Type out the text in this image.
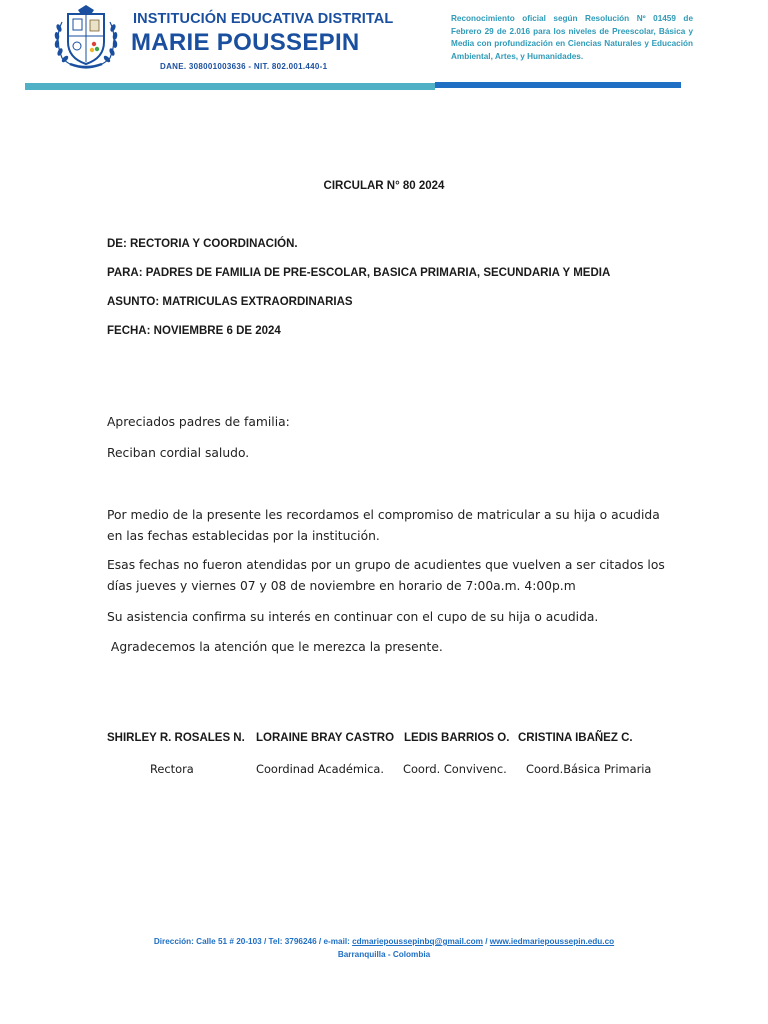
INSTITUCIÓN EDUCATIVA DISTRITAL
MARIE POUSSEPIN
DANE. 308001003636 - NIT. 802.001.440-1
Reconocimiento oficial según Resolución Nº 01459 de Febrero 29 de 2.016 para los niveles de Preescolar, Básica y Media con profundización en Ciencias Naturales y Educación Ambiental, Artes, y Humanidades.
CIRCULAR N° 80 2024
DE: RECTORIA Y COORDINACIÓN.
PARA: PADRES DE FAMILIA DE PRE-ESCOLAR, BASICA PRIMARIA, SECUNDARIA Y MEDIA
ASUNTO: MATRICULAS EXTRAORDINARIAS
FECHA: NOVIEMBRE 6 DE 2024
Apreciados padres de familia:
Reciban cordial saludo.
Por medio de la presente les recordamos el compromiso de matricular a su hija o acudida en las fechas establecidas por la institución.
Esas fechas no fueron atendidas por un grupo de acudientes que vuelven a ser citados los días jueves y viernes 07 y 08 de noviembre en horario de 7:00a.m. 4:00p.m
Su asistencia confirma su interés en continuar con el cupo de su hija o acudida.
Agradecemos la atención que le merezca la presente.
SHIRLEY R. ROSALES N. LORAINE BRAY CASTRO LEDIS BARRIOS O. CRISTINA IBAÑEZ C.
Rectora	Coordinad Académica. Coord. Convivenc. Coord.Básica Primaria
Dirección: Calle 51 # 20-103 / Tel: 3796246 / e-mail: cdmariepoussepinbq@gmail.com / www.iedmariepoussepin.edu.co
Barranquilla - Colombia
